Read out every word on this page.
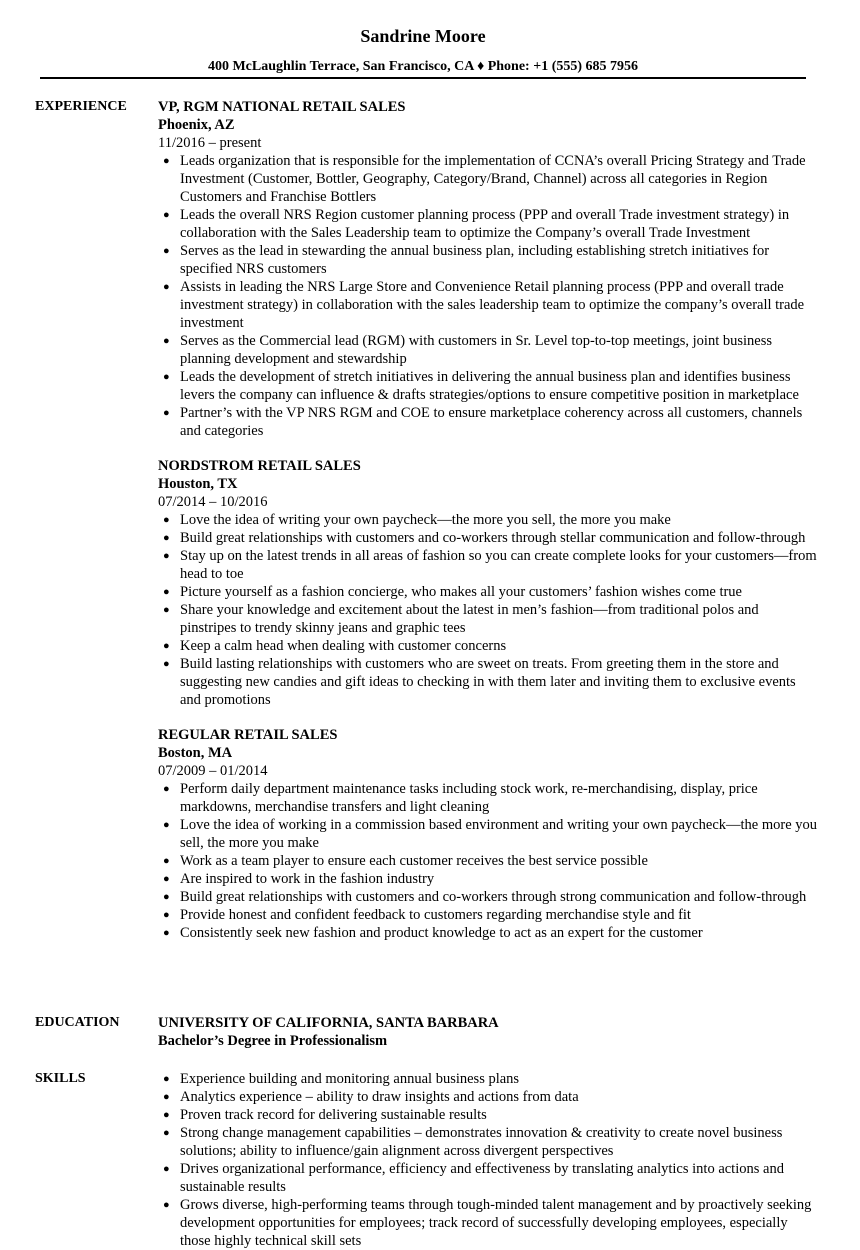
Sandrine Moore
400 McLaughlin Terrace, San Francisco, CA ♦ Phone: +1 (555) 685 7956
EXPERIENCE VP, RGM NATIONAL RETAIL SALES
Phoenix, AZ
11/2016 – present
● Leads organization that is responsible for the implementation of CCNA’s overall Pricing Strategy and Trade Investment (Customer, Bottler, Geography, Category/Brand, Channel) across all categories in Region Customers and Franchise Bottlers
● Leads the overall NRS Region customer planning process (PPP and overall Trade investment strategy) in collaboration with the Sales Leadership team to optimize the Company’s overall Trade Investment
● Serves as the lead in stewarding the annual business plan, including establishing stretch initiatives for specified NRS customers
● Assists in leading the NRS Large Store and Convenience Retail planning process (PPP and overall trade investment strategy) in collaboration with the sales leadership team to optimize the company’s overall trade investment
● Serves as the Commercial lead (RGM) with customers in Sr. Level top-to-top meetings, joint business planning development and stewardship
● Leads the development of stretch initiatives in delivering the annual business plan and identifies business levers the company can influence & drafts strategies/options to ensure competitive position in marketplace
● Partner’s with the VP NRS RGM and COE to ensure marketplace coherency across all customers, channels and categories
NORDSTROM RETAIL SALES
Houston, TX
07/2014 – 10/2016
● Love the idea of writing your own paycheck—the more you sell, the more you make
● Build great relationships with customers and co-workers through stellar communication and follow-through
● Stay up on the latest trends in all areas of fashion so you can create complete looks for your customers—from head to toe
● Picture yourself as a fashion concierge, who makes all your customers’ fashion wishes come true
● Share your knowledge and excitement about the latest in men’s fashion—from traditional polos and pinstripes to trendy skinny jeans and graphic tees
● Keep a calm head when dealing with customer concerns
● Build lasting relationships with customers who are sweet on treats. From greeting them in the store and suggesting new candies and gift ideas to checking in with them later and inviting them to exclusive events and promotions
REGULAR RETAIL SALES
Boston, MA
07/2009 – 01/2014
● Perform daily department maintenance tasks including stock work, re-merchandising, display, price markdowns, merchandise transfers and light cleaning
● Love the idea of working in a commission based environment and writing your own paycheck—the more you sell, the more you make
● Work as a team player to ensure each customer receives the best service possible
● Are inspired to work in the fashion industry
● Build great relationships with customers and co-workers through strong communication and follow-through
● Provide honest and confident feedback to customers regarding merchandise style and fit
● Consistently seek new fashion and product knowledge to act as an expert for the customer
EDUCATION	UNIVERSITY OF CALIFORNIA, SANTA BARBARA
Bachelor’s Degree in Professionalism
SKILLS	● Experience building and monitoring annual business plans
● Analytics experience – ability to draw insights and actions from data
● Proven track record for delivering sustainable results
● Strong change management capabilities – demonstrates innovation & creativity to create novel business solutions; ability to influence/gain alignment across divergent perspectives
● Drives organizational performance, efficiency and effectiveness by translating analytics into actions and sustainable results
● Grows diverse, high-performing teams through tough-minded talent management and by proactively seeking development opportunities for employees; track record of successfully developing employees, especially those highly technical skill sets
